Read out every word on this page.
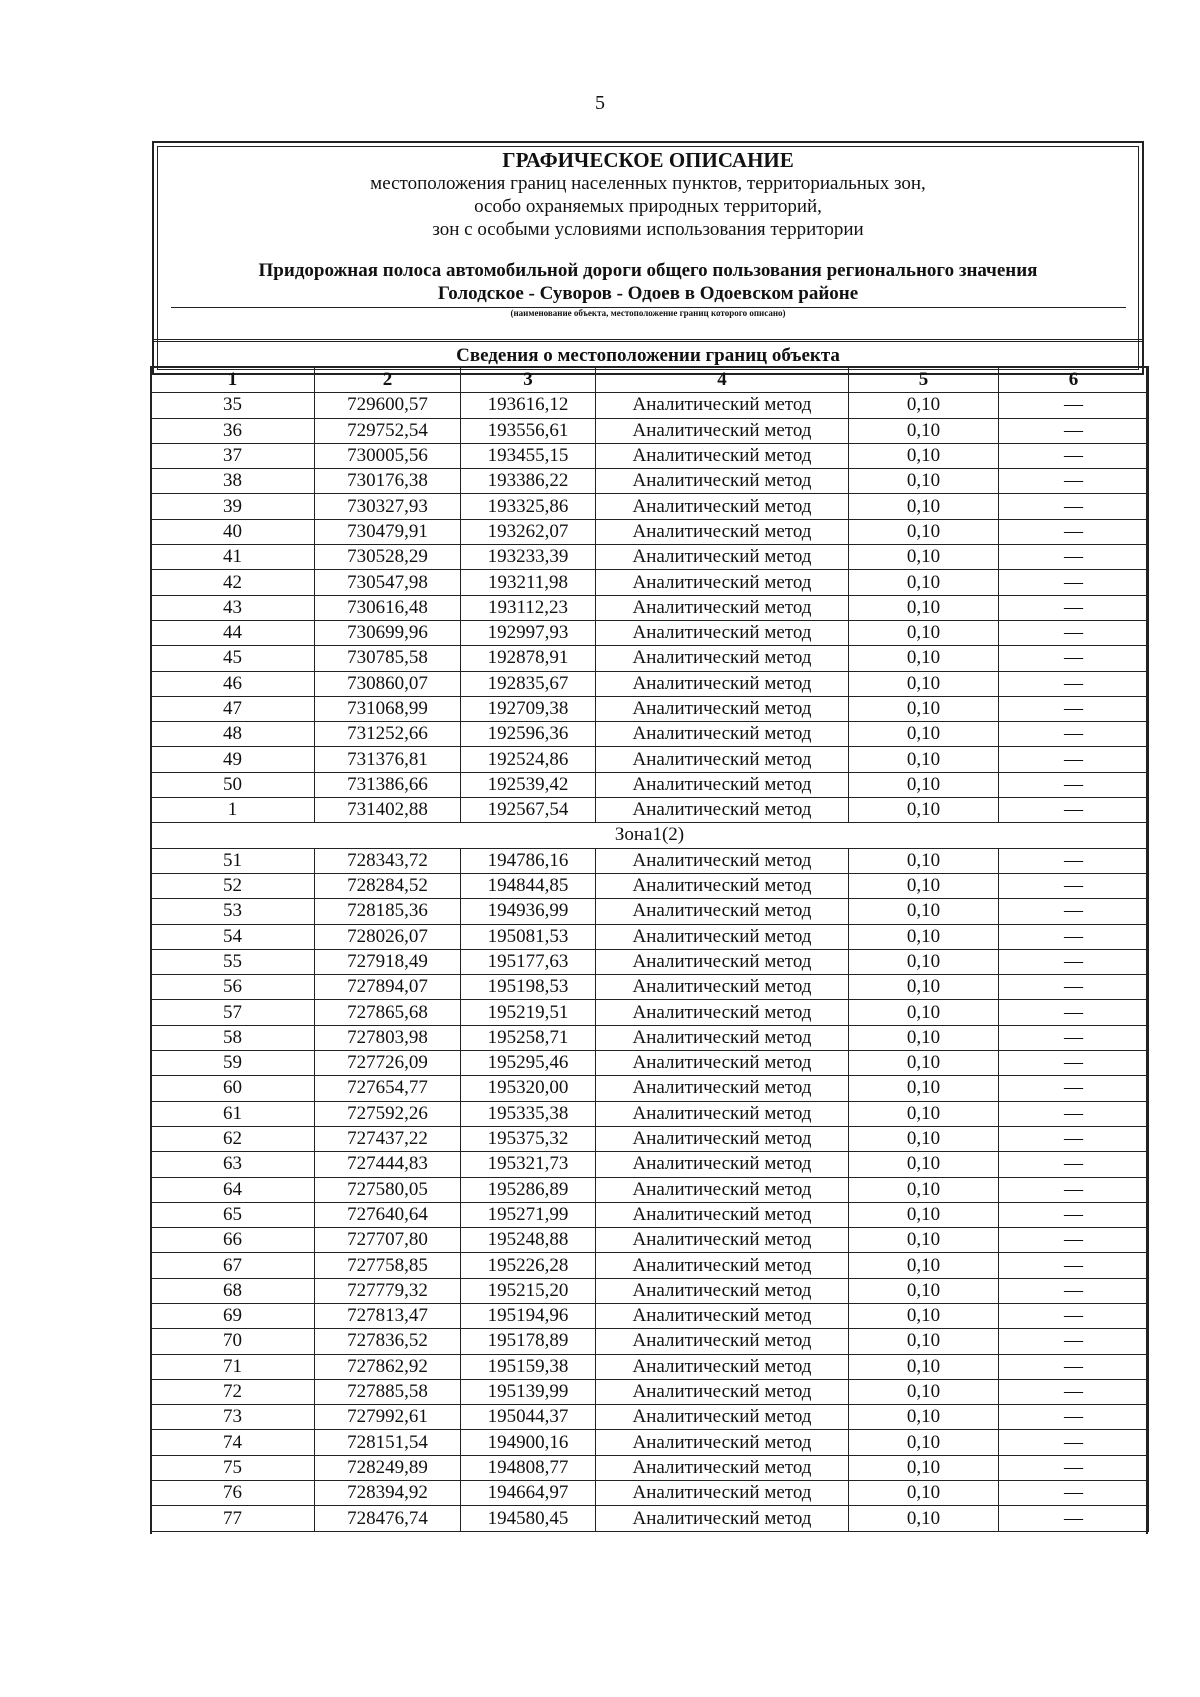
5
ГРАФИЧЕСКОЕ ОПИСАНИЕ
местоположения границ населенных пунктов, территориальных зон,
особо охраняемых природных территорий,
зон с особыми условиями использования территории
Придорожная полоса автомобильной дороги общего пользования регионального значения
Голодское - Суворов - Одоев в Одоевском районе
(наименование объекта, местоположение границ которого описано)
Сведения о местоположении границ объекта
1	2	3	4	5	6
35	729600,57	193616,12	Аналитический метод	0,10	—
36	729752,54	193556,61	Аналитический метод	0,10	—
37	730005,56	193455,15	Аналитический метод	0,10	—
38	730176,38	193386,22	Аналитический метод	0,10	—
39	730327,93	193325,86	Аналитический метод	0,10	—
40	730479,91	193262,07	Аналитический метод	0,10	—
41	730528,29	193233,39	Аналитический метод	0,10	—
42	730547,98	193211,98	Аналитический метод	0,10	—
43	730616,48	193112,23	Аналитический метод	0,10	—
44	730699,96	192997,93	Аналитический метод	0,10	—
45	730785,58	192878,91	Аналитический метод	0,10	—
46	730860,07	192835,67	Аналитический метод	0,10	—
47	731068,99	192709,38	Аналитический метод	0,10	—
48	731252,66	192596,36	Аналитический метод	0,10	—
49	731376,81	192524,86	Аналитический метод	0,10	—
50	731386,66	192539,42	Аналитический метод	0,10	—
1	731402,88	192567,54	Аналитический метод	0,10	—
Зона1(2)					
51	728343,72	194786,16	Аналитический метод	0,10	—
52	728284,52	194844,85	Аналитический метод	0,10	—
53	728185,36	194936,99	Аналитический метод	0,10	—
54	728026,07	195081,53	Аналитический метод	0,10	—
55	727918,49	195177,63	Аналитический метод	0,10	—
56	727894,07	195198,53	Аналитический метод	0,10	—
57	727865,68	195219,51	Аналитический метод	0,10	—
58	727803,98	195258,71	Аналитический метод	0,10	—
59	727726,09	195295,46	Аналитический метод	0,10	—
60	727654,77	195320,00	Аналитический метод	0,10	—
61	727592,26	195335,38	Аналитический метод	0,10	—
62	727437,22	195375,32	Аналитический метод	0,10	—
63	727444,83	195321,73	Аналитический метод	0,10	—
64	727580,05	195286,89	Аналитический метод	0,10	—
65	727640,64	195271,99	Аналитический метод	0,10	—
66	727707,80	195248,88	Аналитический метод	0,10	—
67	727758,85	195226,28	Аналитический метод	0,10	—
68	727779,32	195215,20	Аналитический метод	0,10	—
69	727813,47	195194,96	Аналитический метод	0,10	—
70	727836,52	195178,89	Аналитический метод	0,10	—
71	727862,92	195159,38	Аналитический метод	0,10	—
72	727885,58	195139,99	Аналитический метод	0,10	—
73	727992,61	195044,37	Аналитический метод	0,10	—
74	728151,54	194900,16	Аналитический метод	0,10	—
75	728249,89	194808,77	Аналитический метод	0,10	—
76	728394,92	194664,97	Аналитический метод	0,10	—
77	728476,74	194580,45	Аналитический метод	0,10	—
